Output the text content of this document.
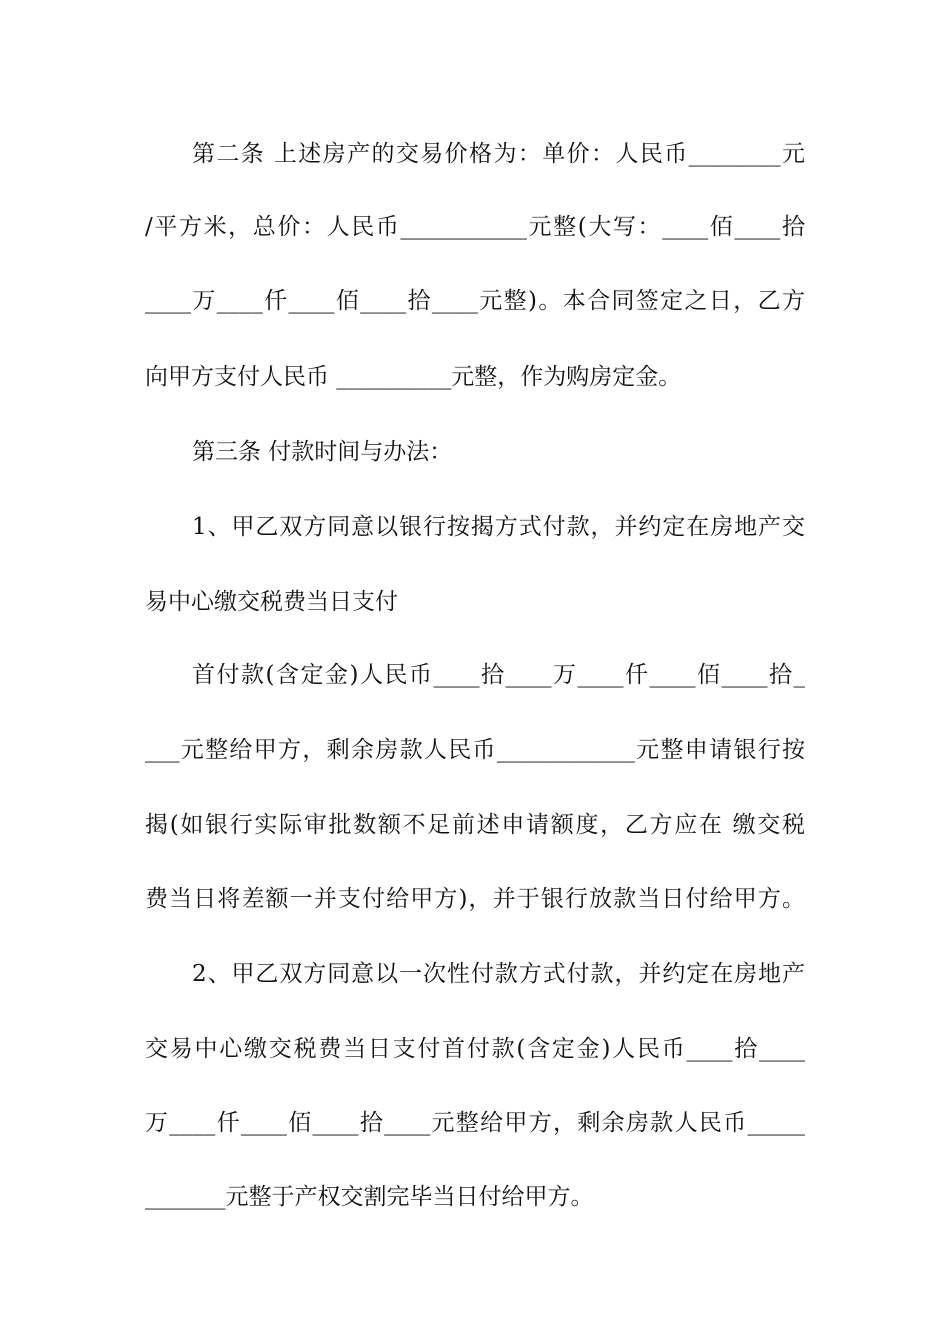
第二条 上述房产的交易价格为：单价：人民币________元
/平方米，总价：人民币___________元整(大写：____佰____拾
____万____仟____佰____拾____元整)。本合同签定之日，乙方
向甲方支付人民币 __________元整，作为购房定金。
第三条 付款时间与办法：
1、甲乙双方同意以银行按揭方式付款，并约定在房地产交
易中心缴交税费当日支付
首付款(含定金)人民币____拾____万____仟____佰____拾_
___元整给甲方，剩余房款人民币____________元整申请银行按
揭(如银行实际审批数额不足前述申请额度，乙方应在 缴交税
费当日将差额一并支付给甲方)，并于银行放款当日付给甲方。
2、甲乙双方同意以一次性付款方式付款，并约定在房地产
交易中心缴交税费当日支付首付款(含定金)人民币____拾____
万____仟____佰____拾____元整给甲方，剩余房款人民币_____
_______元整于产权交割完毕当日付给甲方。
